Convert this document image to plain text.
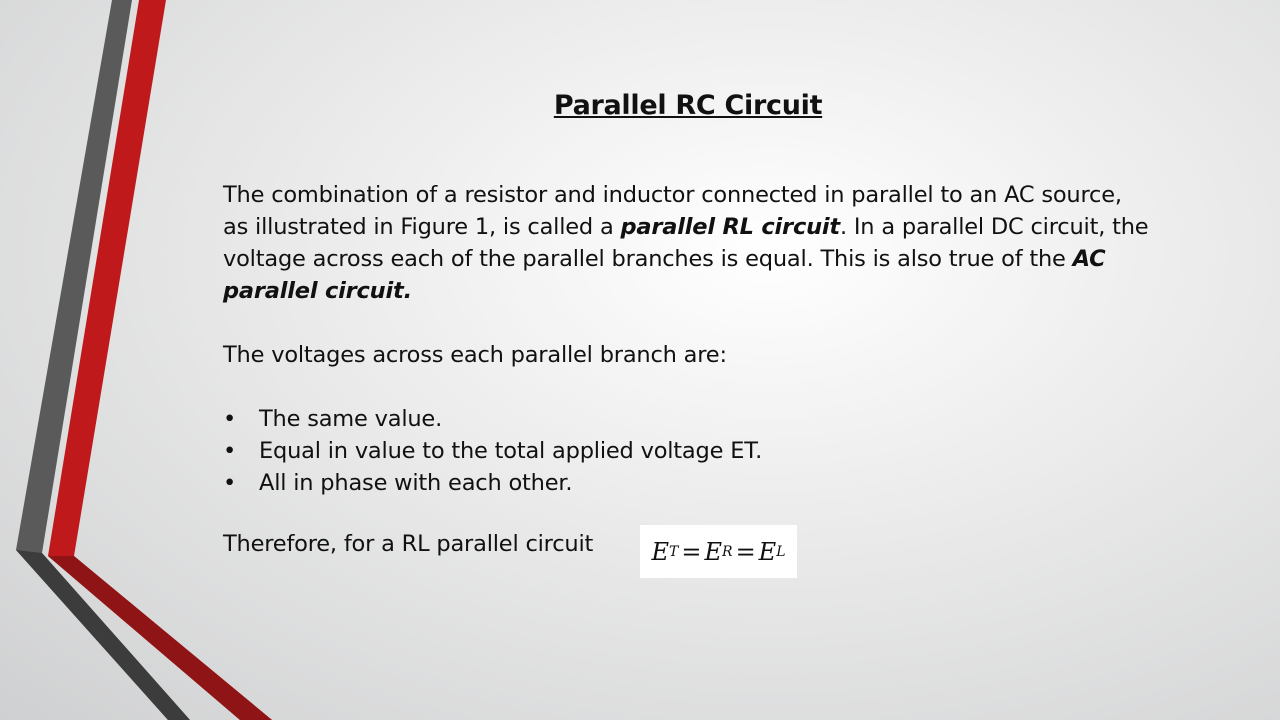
Parallel RC Circuit

The combination of a resistor and inductor connected in parallel to an AC source, as illustrated in Figure 1, is called a parallel RL circuit. In a parallel DC circuit, the voltage across each of the parallel branches is equal. This is also true of the AC parallel circuit.

The voltages across each parallel branch are:

• The same value.
• Equal in value to the total applied voltage ET.
• All in phase with each other.
Therefore, for a RL parallel circuit E T = E R = E L
